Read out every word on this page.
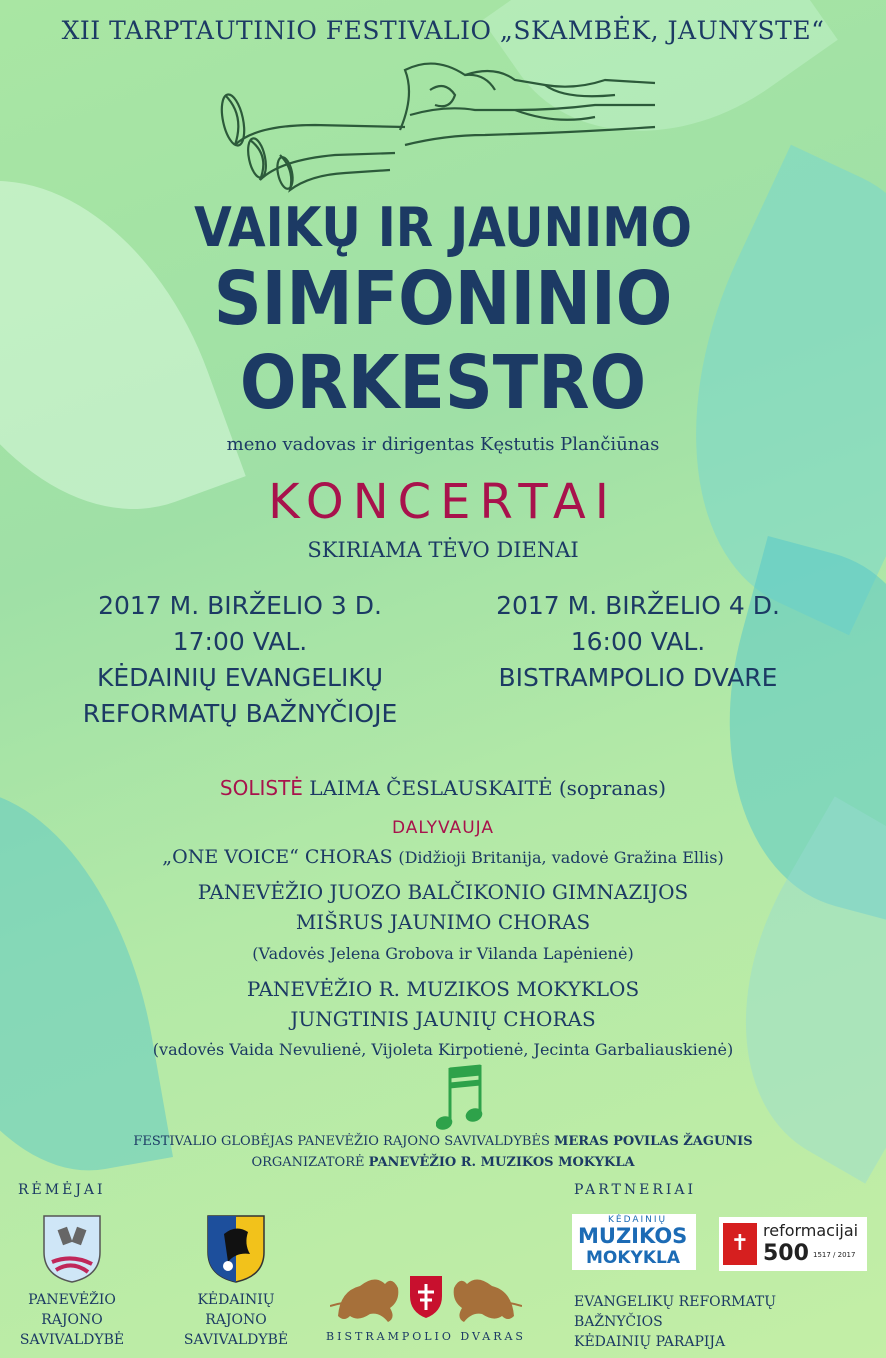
XII TARPTAUTINIO FESTIVALIO „SKAMBĖK, JAUNYSTE“
VAIKŲ IR JAUNIMO
SIMFONINIO
ORKESTRO
meno vadovas ir dirigentas Kęstutis Plančiūnas
KONCERTAI
SKIRIAMA TĖVO DIENAI
2017 M. BIRŽELIO 3 D.
17:00 VAL.
KĖDAINIŲ EVANGELIKŲ
REFORMATŲ BAŽNYČIOJE
2017 M. BIRŽELIO 4 D.
16:00 VAL.
BISTRAMPOLIO DVARE
SOLISTĖ LAIMA ČESLAUSKAITĖ (sopranas)
DALYVAUJA
„ONE VOICE“ CHORAS (Didžioji Britanija, vadovė Gražina Ellis)
PANEVĖŽIO JUOZO BALČIKONIO GIMNAZIJOS
MIŠRUS JAUNIMO CHORAS
(Vadovės Jelena Grobova ir Vilanda Lapėnienė)
PANEVĖŽIO R. MUZIKOS MOKYKLOS
JUNGTINIS JAUNIŲ CHORAS
(vadovės Vaida Nevulienė, Vijoleta Kirpotienė, Jecinta Garbaliauskienė)
FESTIVALIO GLOBĖJAS PANEVĖŽIO RAJONO SAVIVALDYBĖS MERAS POVILAS ŽAGUNIS
ORGANIZATORĖ PANEVĖŽIO R. MUZIKOS MOKYKLA
RĖMĖJAI	PARTNERIAI
PANEVĖŽIO
RAJONO
SAVIVALDYBĖ
KĖDAINIŲ
RAJONO
SAVIVALDYBĖ	BISTRAMPOLIO DVARAS
KĖDAINIŲ
MUZIKOS
MOKYKLA
✝
reformacijai
500 1517 / 2017
EVANGELIKŲ REFORMATŲ
BAŽNYČIOS
KĖDAINIŲ PARAPIJA
